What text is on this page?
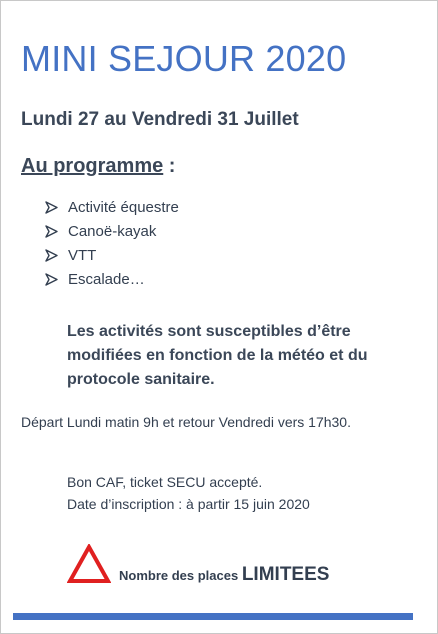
MINI SEJOUR 2020
Lundi 27 au Vendredi 31 Juillet
Au programme :
Activité équestre
Canoë-kayak
VTT
Escalade…
Les activités sont susceptibles d’être
modifiées en fonction de la météo et du
protocole sanitaire.
Départ Lundi matin 9h et retour Vendredi vers 17h30.
Bon CAF, ticket SECU accepté.
Date d’inscription : à partir 15 juin 2020
Nombre des places LIMITEES
